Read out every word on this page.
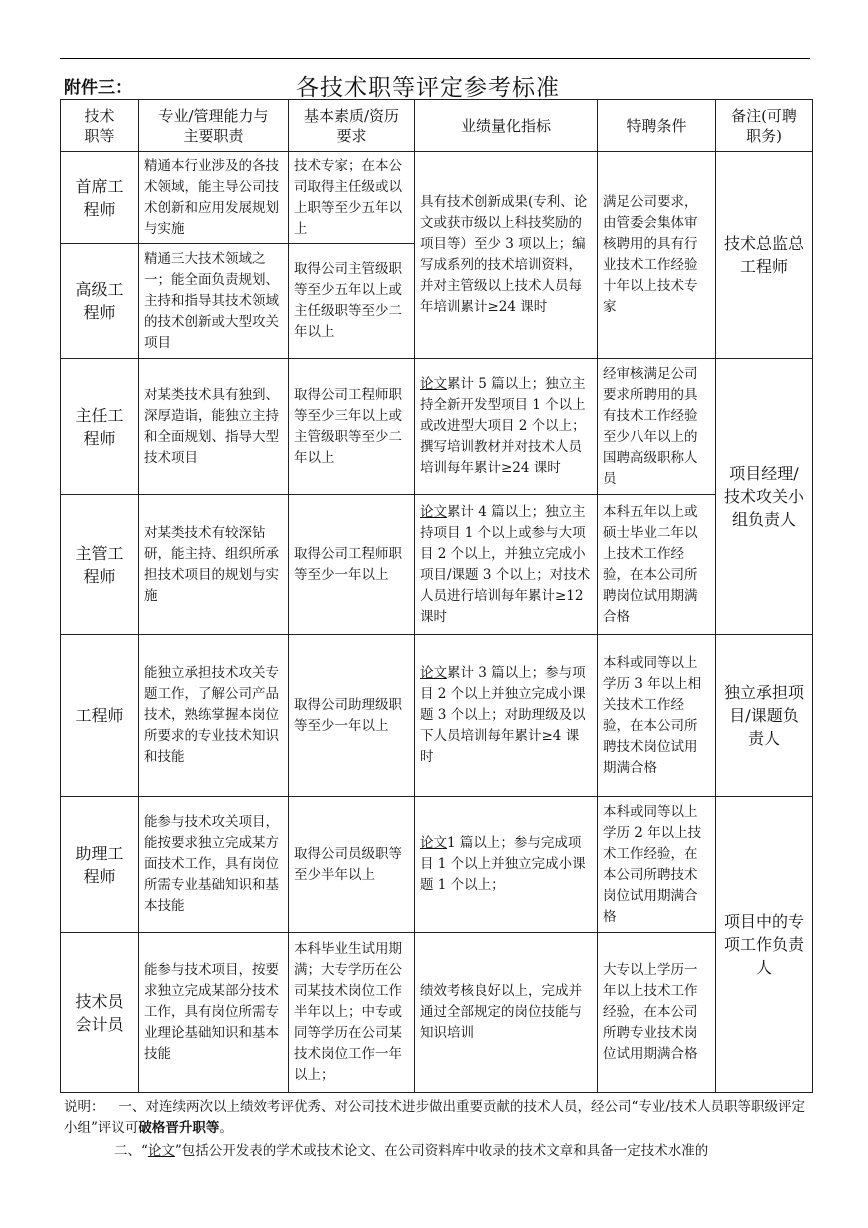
附件三：	各技术职等评定参考标准
技术职等	专业/管理能力与主要职责	基本素质/资历要求	业绩量化指标	特聘条件	备注(可聘职务)
首席工程师	精通本行业涉及的各技术领域，能主导公司技术创新和应用发展规划与实施	技术专家；在本公司取得主任级或以上职等至少五年以上	具有技术创新成果(专利、论文或获市级以上科技奖励的项目等）至少 3 项以上；编写成系列的技术培训资料，并对主管级以上技术人员每年培训累计≥24 课时	满足公司要求，由管委会集体审核聘用的具有行业技术工作经验十年以上技术专家	技术总监总工程师
高级工程师	精通三大技术领域之一；能全面负责规划、主持和指导其技术领域的技术创新或大型攻关项目	取得公司主管级职等至少五年以上或主任级职等至少二年以上			
主任工程师	对某类技术具有独到、深厚造诣，能独立主持和全面规划、指导大型技术项目	取得公司工程师职等至少三年以上或主管级职等至少二年以上	论文累计 5 篇以上；独立主持全新开发型项目 1 个以上或改进型大项目 2 个以上；撰写培训教材并对技术人员培训每年累计≥24 课时	经审核满足公司要求所聘用的具有技术工作经验至少八年以上的国聘高级职称人员	项目经理/技术攻关小组负责人
主管工程师	对某类技术有较深钻研，能主持、组织所承担技术项目的规划与实施	取得公司工程师职等至少一年以上	论文累计 4 篇以上；独立主持项目 1 个以上或参与大项目 2 个以上，并独立完成小项目/课题 3 个以上；对技术人员进行培训每年累计≥12 课时	本科五年以上或硕士毕业二年以上技术工作经验，在本公司所聘岗位试用期满合格	
工程师	能独立承担技术攻关专题工作，了解公司产品技术，熟练掌握本岗位所要求的专业技术知识和技能	取得公司助理级职等至少一年以上	论文累计 3 篇以上；参与项目 2 个以上并独立完成小课题 3 个以上；对助理级及以下人员培训每年累计≥4 课时	本科或同等以上学历 3 年以上相关技术工作经验，在本公司所聘技术岗位试用期满合格	独立承担项目/课题负责人
助理工程师	能参与技术攻关项目，能按要求独立完成某方面技术工作，具有岗位所需专业基础知识和基本技能	取得公司员级职等至少半年以上	论文1 篇以上；参与完成项目 1 个以上并独立完成小课题 1 个以上；	本科或同等以上学历 2 年以上技术工作经验，在本公司所聘技术岗位试用期满合格	项目中的专项工作负责人
技术员会计员	能参与技术项目，按要求独立完成某部分技术工作，具有岗位所需专业理论基础知识和基本技能	本科毕业生试用期满；大专学历在公司某技术岗位工作半年以上；中专或同等学历在公司某技术岗位工作一年以上；	绩效考核良好以上，完成并通过全部规定的岗位技能与知识培训	大专以上学历一年以上技术工作经验，在本公司所聘专业技术岗位试用期满合格	
说明： 一、对连续两次以上绩效考评优秀、对公司技术进步做出重要贡献的技术人员，经公司“专业/技术人员职等职级评定小组”评议可破格晋升职等。
二、“论文”包括公开发表的学术或技术论文、在公司资料库中收录的技术文章和具备一定技术水准的
